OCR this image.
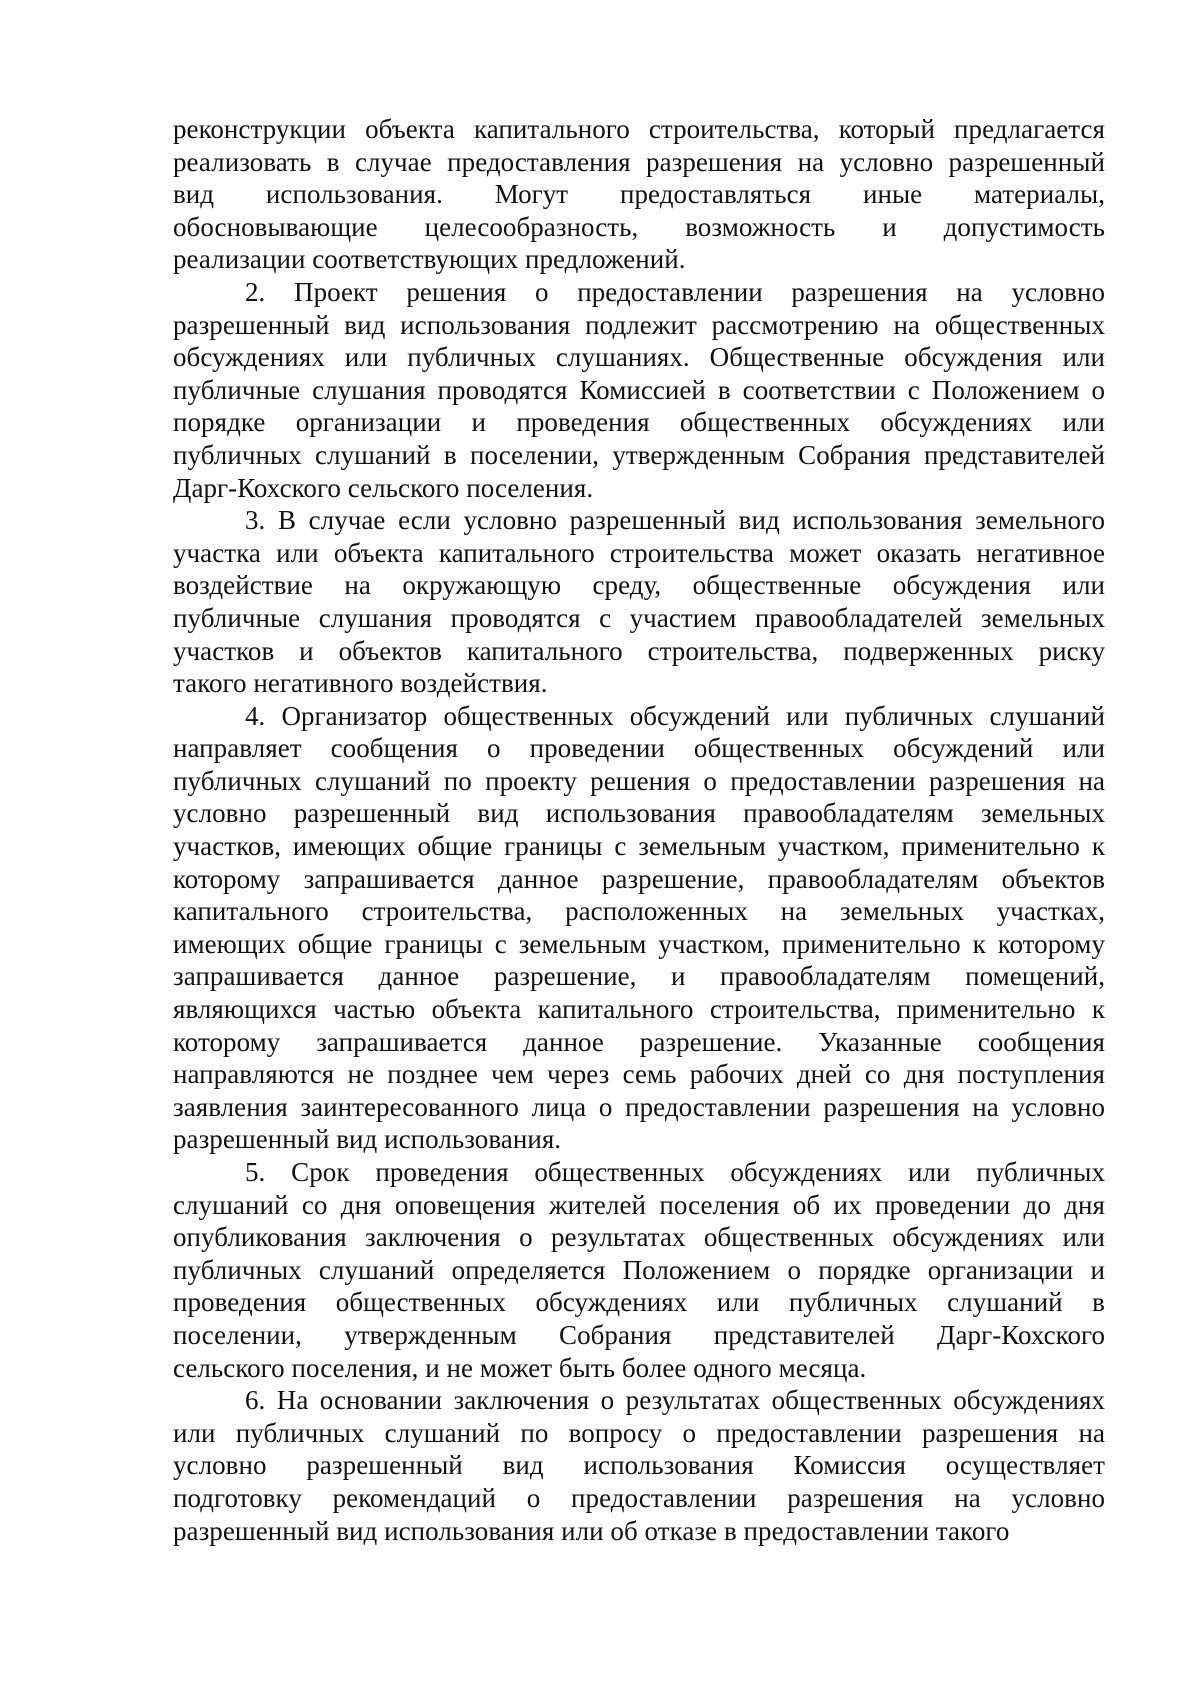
реконструкции объекта капитального строительства, который предлагается
реализовать в случае предоставления разрешения на условно разрешенный
вид использования. Могут предоставляться иные материалы,
обосновывающие целесообразность, возможность и допустимость
реализации соответствующих предложений.
2. Проект решения о предоставлении разрешения на условно
разрешенный вид использования подлежит рассмотрению на общественных
обсуждениях или публичных слушаниях. Общественные обсуждения или
публичные слушания проводятся Комиссией в соответствии с Положением о
порядке организации и проведения общественных обсуждениях или
публичных слушаний в поселении, утвержденным Собрания представителей
Дарг-Кохского сельского поселения.
3. В случае если условно разрешенный вид использования земельного
участка или объекта капитального строительства может оказать негативное
воздействие на окружающую среду, общественные обсуждения или
публичные слушания проводятся с участием правообладателей земельных
участков и объектов капитального строительства, подверженных риску
такого негативного воздействия.
4. Организатор общественных обсуждений или публичных слушаний
направляет сообщения о проведении общественных обсуждений или
публичных слушаний по проекту решения о предоставлении разрешения на
условно разрешенный вид использования правообладателям земельных
участков, имеющих общие границы с земельным участком, применительно к
которому запрашивается данное разрешение, правообладателям объектов
капитального строительства, расположенных на земельных участках,
имеющих общие границы с земельным участком, применительно к которому
запрашивается данное разрешение, и правообладателям помещений,
являющихся частью объекта капитального строительства, применительно к
которому запрашивается данное разрешение. Указанные сообщения
направляются не позднее чем через семь рабочих дней со дня поступления
заявления заинтересованного лица о предоставлении разрешения на условно
разрешенный вид использования.
5. Срок проведения общественных обсуждениях или публичных
слушаний со дня оповещения жителей поселения об их проведении до дня
опубликования заключения о результатах общественных обсуждениях или
публичных слушаний определяется Положением о порядке организации и
проведения общественных обсуждениях или публичных слушаний в
поселении, утвержденным Собрания представителей Дарг-Кохского
сельского поселения, и не может быть более одного месяца.
6. На основании заключения о результатах общественных обсуждениях
или публичных слушаний по вопросу о предоставлении разрешения на
условно разрешенный вид использования Комиссия осуществляет
подготовку рекомендаций о предоставлении разрешения на условно
разрешенный вид использования или об отказе в предоставлении такого
